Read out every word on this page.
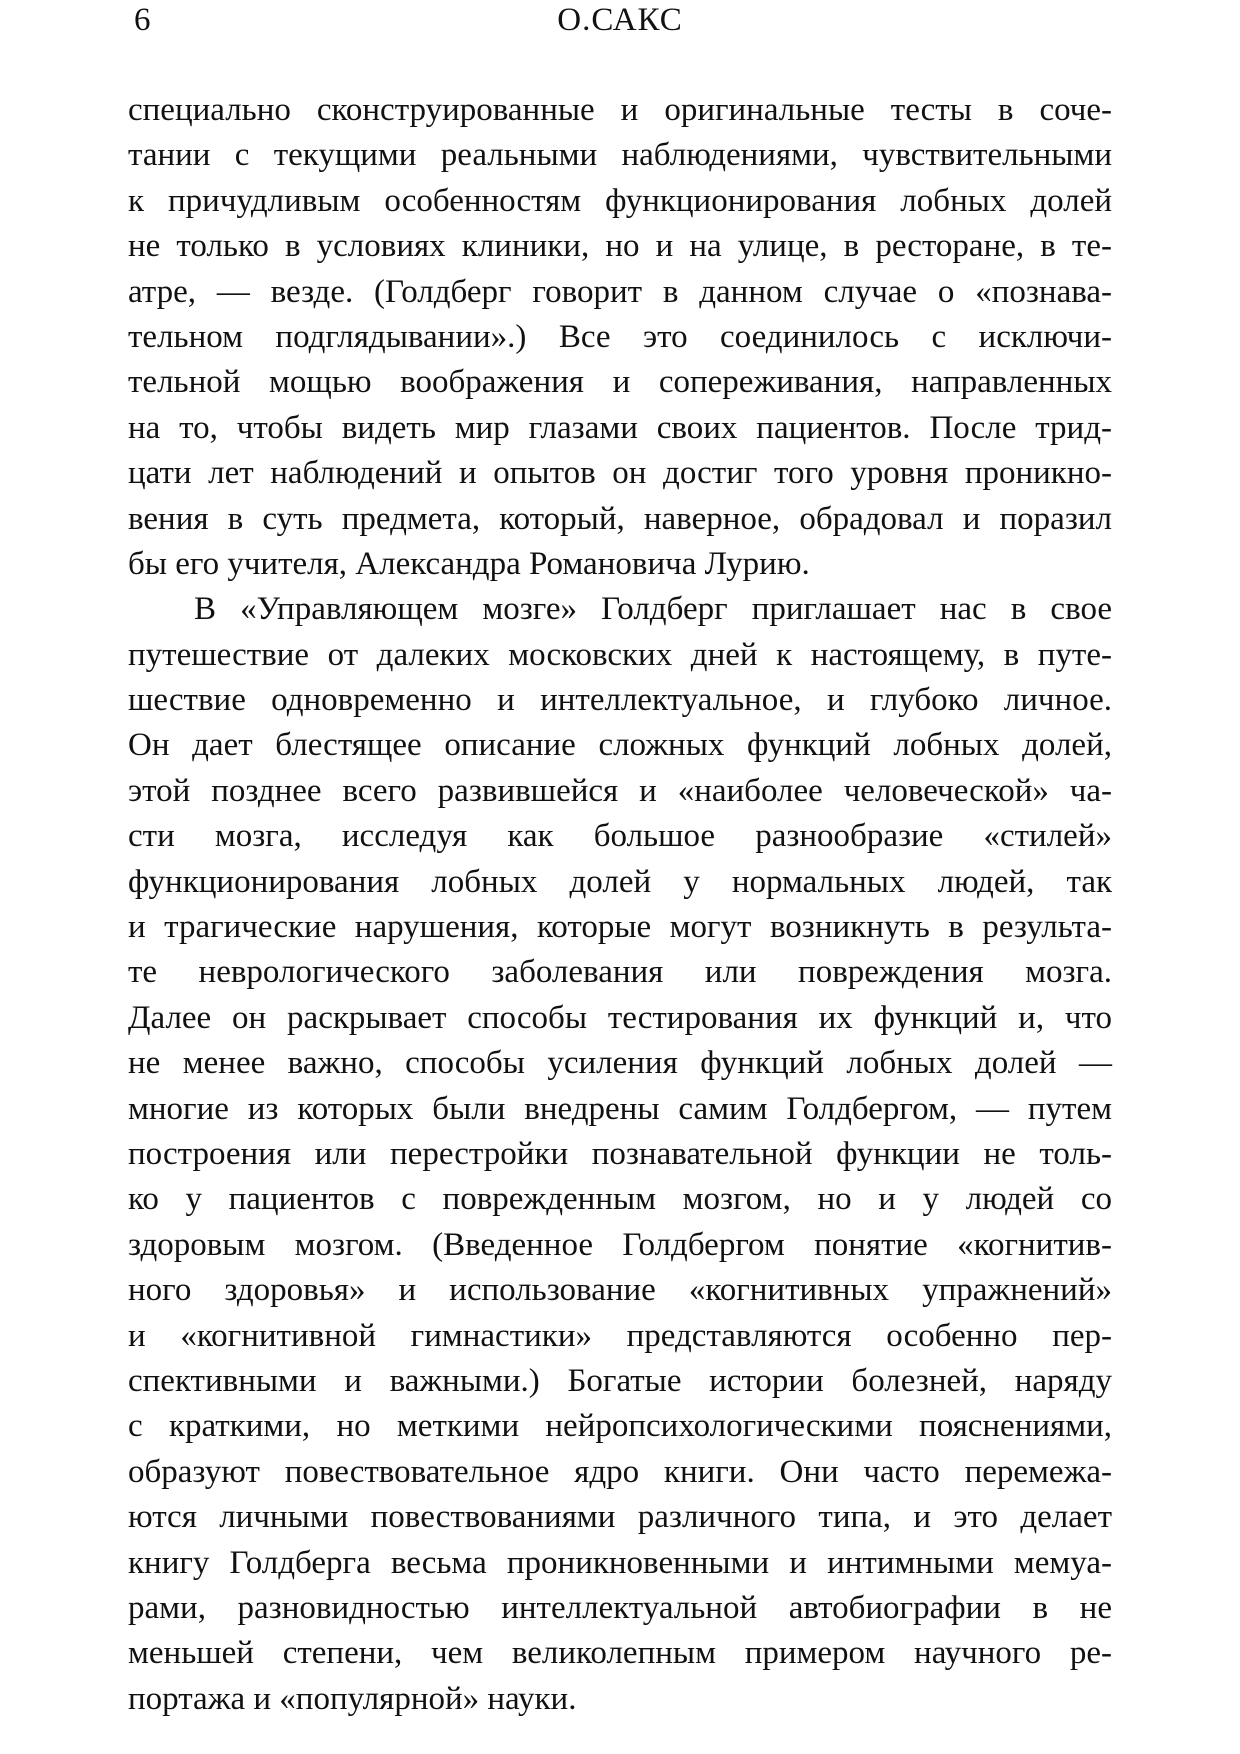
6	О.САКС
специально сконструированные и оригинальные тесты в соче-
тании с текущими реальными наблюдениями, чувствительными
к причудливым особенностям функционирования лобных долей
не только в условиях клиники, но и на улице, в ресторане, в те-
атре, — везде. (Голдберг говорит в данном случае о «познава-
тельном подглядывании».) Все это соединилось с исключи-
тельной мощью воображения и сопереживания, направленных
на то, чтобы видеть мир глазами своих пациентов. После трид-
цати лет наблюдений и опытов он достиг того уровня проникно-
вения в суть предмета, который, наверное, обрадовал и поразил
бы его учителя, Александра Романовича Лурию.
В «Управляющем мозге» Голдберг приглашает нас в свое
путешествие от далеких московских дней к настоящему, в путе-
шествие одновременно и интеллектуальное, и глубоко личное.
Он дает блестящее описание сложных функций лобных долей,
этой позднее всего развившейся и «наиболее человеческой» ча-
сти мозга, исследуя как большое разнообразие «стилей»
функционирования лобных долей у нормальных людей, так
и трагические нарушения, которые могут возникнуть в результа-
те неврологического заболевания или повреждения мозга.
Далее он раскрывает способы тестирования их функций и, что
не менее важно, способы усиления функций лобных долей —
многие из которых были внедрены самим Голдбергом, — путем
построения или перестройки познавательной функции не толь-
ко у пациентов с поврежденным мозгом, но и у людей со
здоровым мозгом. (Введенное Голдбергом понятие «когнитив-
ного здоровья» и использование «когнитивных упражнений»
и «когнитивной гимнастики» представляются особенно пер-
спективными и важными.) Богатые истории болезней, наряду
с краткими, но меткими нейропсихологическими пояснениями,
образуют повествовательное ядро книги. Они часто перемежа-
ются личными повествованиями различного типа, и это делает
книгу Голдберга весьма проникновенными и интимными мемуа-
рами, разновидностью интеллектуальной автобиографии в не
меньшей степени, чем великолепным примером научного ре-
портажа и «популярной» науки.
